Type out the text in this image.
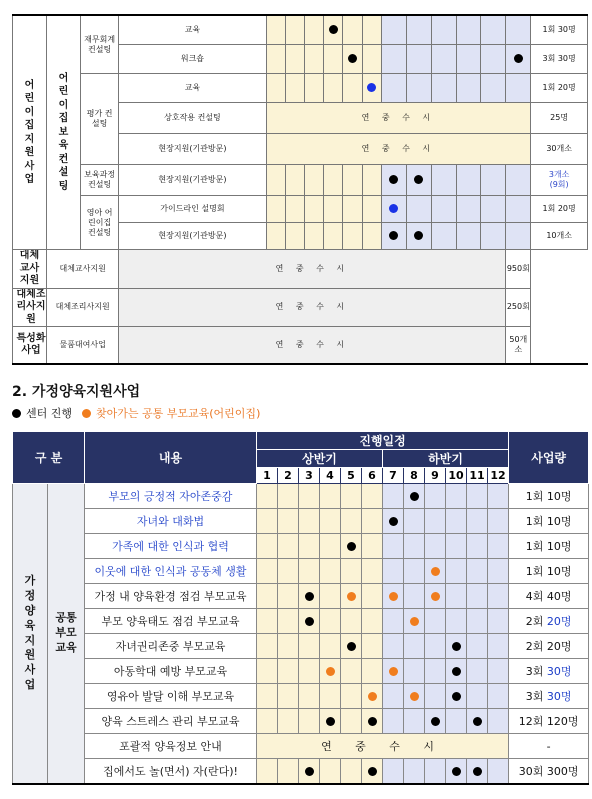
어린이집지원사업	어린이집보육컨설팅	재무회계 컨설팅	교육													1회 30명
			워크숍													3회 30명
		평가 컨설팅	교육													1회 20명
			상호작용 컨설팅	연 중 수 시												25명
			현장지원(기관방문)	연 중 수 시												30개소
		보육과정 컨설팅	현장지원(기관방문)													3개소
(9회)
		영아 어린이집 컨설팅	가이드라인 설명회													1회 20명
			현장지원(기관방문)													10개소
대체교사지원	대체교사지원		연 중 수 시												950회	
대체조리사지원	대체조리사지원		연 중 수 시												250회	
특성화사업	물품대여사업		연 중 수 시												50개소	
2. 가정양육지원사업
센터 진행 찾아가는 공통 부모교육(어린이집)
구 분		내용	진행일정												사업량
			상반기						하반기						
			1	2	3	4	5	6	7	8	9	10	11	12	
가정양육지원사업	공통부모교육	부모의 긍정적 자아존중감													1회 10명
		자녀와 대화법													1회 10명
		가족에 대한 인식과 협력													1회 10명
		이웃에 대한 인식과 공동체 생활													1회 10명
		가정 내 양육환경 점검 부모교육													4회 40명
		부모 양육태도 점검 부모교육													2회 20명
		자녀권리존중 부모교육													2회 20명
		아동학대 예방 부모교육													3회 30명
		영유아 발달 이해 부모교육													3회 30명
		양육 스트레스 관리 부모교육													12회 120명
		포괄적 양육정보 안내	연 중 수 시												-
		집에서도 놀(면서) 자(란다)!													30회 300명
